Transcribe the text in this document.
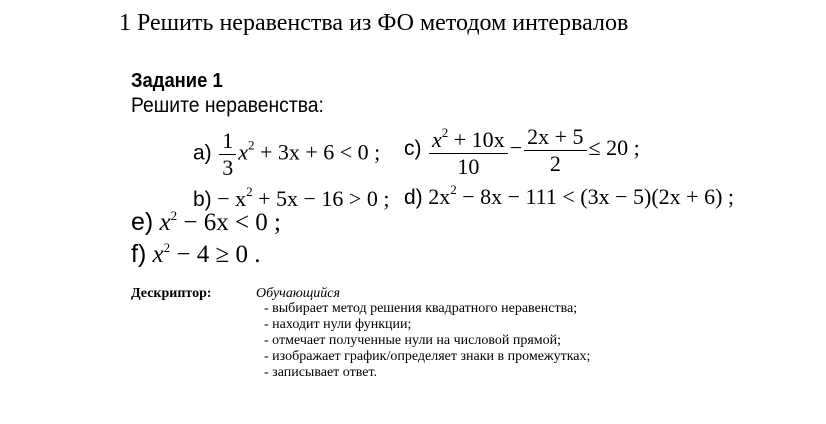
1 Решить неравенства из ФО методом интервалов
Задание 1
Решите неравенства:
$a) \frac{1}{3} x^2 + 3x + 6 < 0$ ; $c) \frac{x^2 + 10x}{10} - \frac{2x + 5}{2} \le 20$ ;
$b) - x^2 + 5x - 16 > 0$ ; d) $2x^2 - 8x - 111 < (3x - 5)(2x + 6)$ ;
e) $x^2 - 6x < 0$ ;
f) $x^2 - 4 \ge 0$ .
Дескриптор:	Обучающийся
- выбирает метод решения квадратного неравенства;
- находит нули функции;
- отмечает полученные нули на числовой прямой;
- изображает график/определяет знаки в промежутках;
- записывает ответ.
